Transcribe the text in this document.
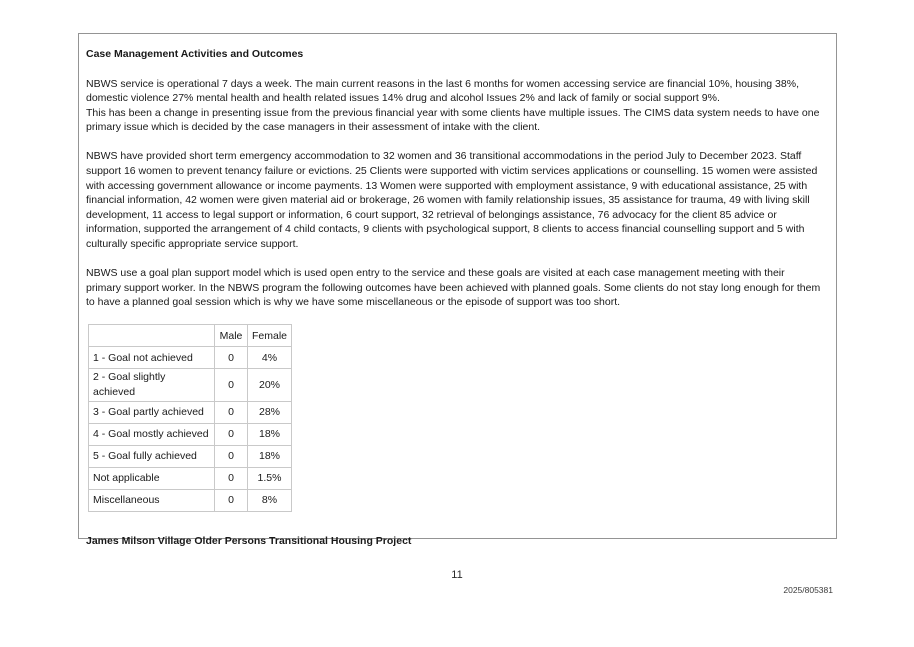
Case Management Activities and Outcomes

NBWS service is operational 7 days a week. The main current reasons in the last 6 months for women accessing service are financial 10%, housing 38%, domestic violence 27% mental health and health related issues 14% drug and alcohol Issues 2% and lack of family or social support 9%.
This has been a change in presenting issue from the previous financial year with some clients have multiple issues. The CIMS data system needs to have one primary issue which is decided by the case managers in their assessment of intake with the client.

NBWS have provided short term emergency accommodation to 32 women and 36 transitional accommodations in the period July to December 2023. Staff support 16 women to prevent tenancy failure or evictions. 25 Clients were supported with victim services applications or counselling. 15 women were assisted with accessing government allowance or income payments. 13 Women were supported with employment assistance, 9 with educational assistance, 25 with financial information, 42 women were given material aid or brokerage, 26 women with family relationship issues, 35 assistance for trauma, 49 with living skill development, 11 access to legal support or information, 6 court support, 32 retrieval of belongings assistance, 76 advocacy for the client 85 advice or information, supported the arrangement of 4 child contacts, 9 clients with psychological support, 8 clients to access financial counselling support and 5 with culturally specific appropriate service support.

NBWS use a goal plan support model which is used open entry to the service and these goals are visited at each case management meeting with their primary support worker. In the NBWS program the following outcomes have been achieved with planned goals. Some clients do not stay long enough for them to have a planned goal session which is why we have some miscellaneous or the episode of support was too short.

	Male	Female
1 - Goal not achieved	0	4%
2 - Goal slightly achieved	0	20%
3 - Goal partly achieved	0	28%
4 - Goal mostly achieved	0	18%
5 - Goal fully achieved	0	18%
Not applicable	0	1.5%
Miscellaneous	0	8%
James Milson Village Older Persons Transitional Housing Project
11
2025/805381
